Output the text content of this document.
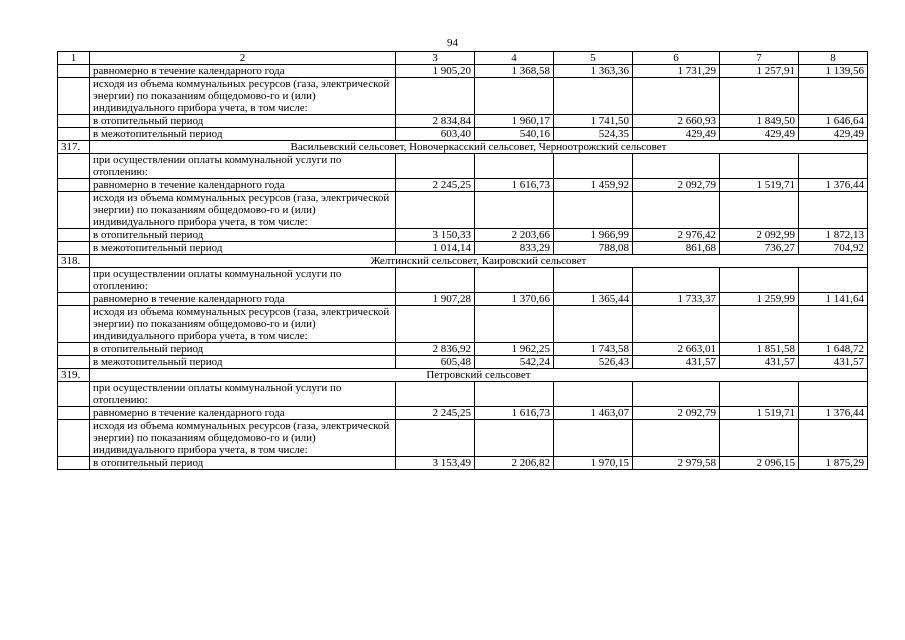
94
1	2	3	4	5	6	7	8
	равномерно в течение календарного года	1 905,20	1 368,58	1 363,36	1 731,29	1 257,91	1 139,56
	исходя из объема коммунальных ресурсов (газа, электрической энергии) по показаниям общедомово-го и (или) индивидуального прибора учета, в том числе:						
	в отопительный период	2 834,84	1 960,17	1 741,50	2 660,93	1 849,50	1 646,64
	в межотопительный период	603,40	540,16	524,35	429,49	429,49	429,49
317.	Васильевский сельсовет, Новочеркасский сельсовет, Черноотрожский сельсовет						
	при осуществлении оплаты коммунальной услуги по отоплению:						
	равномерно в течение календарного года	2 245,25	1 616,73	1 459,92	2 092,79	1 519,71	1 376,44
	исходя из объема коммунальных ресурсов (газа, электрической энергии) по показаниям общедомово-го и (или) индивидуального прибора учета, в том числе:						
	в отопительный период	3 150,33	2 203,66	1 966,99	2 976,42	2 092,99	1 872,13
	в межотопительный период	1 014,14	833,29	788,08	861,68	736,27	704,92
318.	Желтинский сельсовет, Каировский сельсовет						
	при осуществлении оплаты коммунальной услуги по отоплению:						
	равномерно в течение календарного года	1 907,28	1 370,66	1 365,44	1 733,37	1 259,99	1 141,64
	исходя из объема коммунальных ресурсов (газа, электрической энергии) по показаниям общедомово-го и (или) индивидуального прибора учета, в том числе:						
	в отопительный период	2 836,92	1 962,25	1 743,58	2 663,01	1 851,58	1 648,72
	в межотопительный период	605,48	542,24	526,43	431,57	431,57	431,57
319.	Петровский сельсовет						
	при осуществлении оплаты коммунальной услуги по отоплению:						
	равномерно в течение календарного года	2 245,25	1 616,73	1 463,07	2 092,79	1 519,71	1 376,44
	исходя из объема коммунальных ресурсов (газа, электрической энергии) по показаниям общедомово-го и (или) индивидуального прибора учета, в том числе:						
	в отопительный период	3 153,49	2 206,82	1 970,15	2 979,58	2 096,15	1 875,29
